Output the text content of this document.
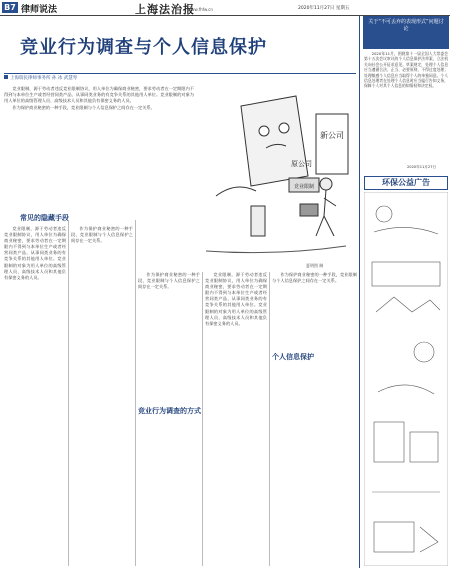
B7 律师说法	上海法治报
www.fhfw.cn	2020年11月27日 星期五
竞业行为调查与个人信息保护
上海瑞民律师事务所 孙 冰 武慧琴

竞业限制，源于劳动者违反竞业限制协议，用人单位为确保商业秘密，要求劳动者在一定期限内不得到与本单位生产或者经营同类产品、从事同类业务的有竞争关系的其他用人单位。竞业限制的对象为用人单位的高级管理人员、高级技术人员和其他负有保密义务的人员。

作为保护商业秘密的一种手段，竞业限制与个人信息保护之间存在一定关系。

新公司
原公司
竞业限制
夏明图 制
常见的隐藏手段

竞业限制，源于劳动者违反竞业限制协议，用人单位为确保商业秘密，要求劳动者在一定期限内不得到与本单位生产或者经营同类产品、从事同类业务的有竞争关系的其他用人单位。竞业限制的对象为用人单位的高级管理人员、高级技术人员和其他负有保密义务的人员。

作为保护商业秘密的一种手段，竞业限制与个人信息保护之间存在一定关系。

竞业行为调查的方式

作为保护商业秘密的一种手段，竞业限制与个人信息保护之间存在一定关系。

竞业限制，源于劳动者违反竞业限制协议，用人单位为确保商业秘密，要求劳动者在一定期限内不得到与本单位生产或者经营同类产品、从事同类业务的有竞争关系的其他用人单位。竞业限制的对象为用人单位的高级管理人员、高级技术人员和其他负有保密义务的人员。

个人信息保护

作为保护商业秘密的一种手段，竞业限制与个人信息保护之间存在一定关系。

关于“不可丢弃的表现形式”问题讨论

2020年11月，围绕第十一届全国人大常委会第十五次会议审议的个人信息保护法草案，立法机关向社会公开征求意见。草案规定，处理个人信息应当遵循合法、正当、必要原则，不得过度处理；处理敏感个人信息应当取得个人的单独同意。个人信息处理者在处理个人信息时应当履行告知义务，保障个人对其个人信息的知情权和决定权。

2020年11月27日
环保公益广告
